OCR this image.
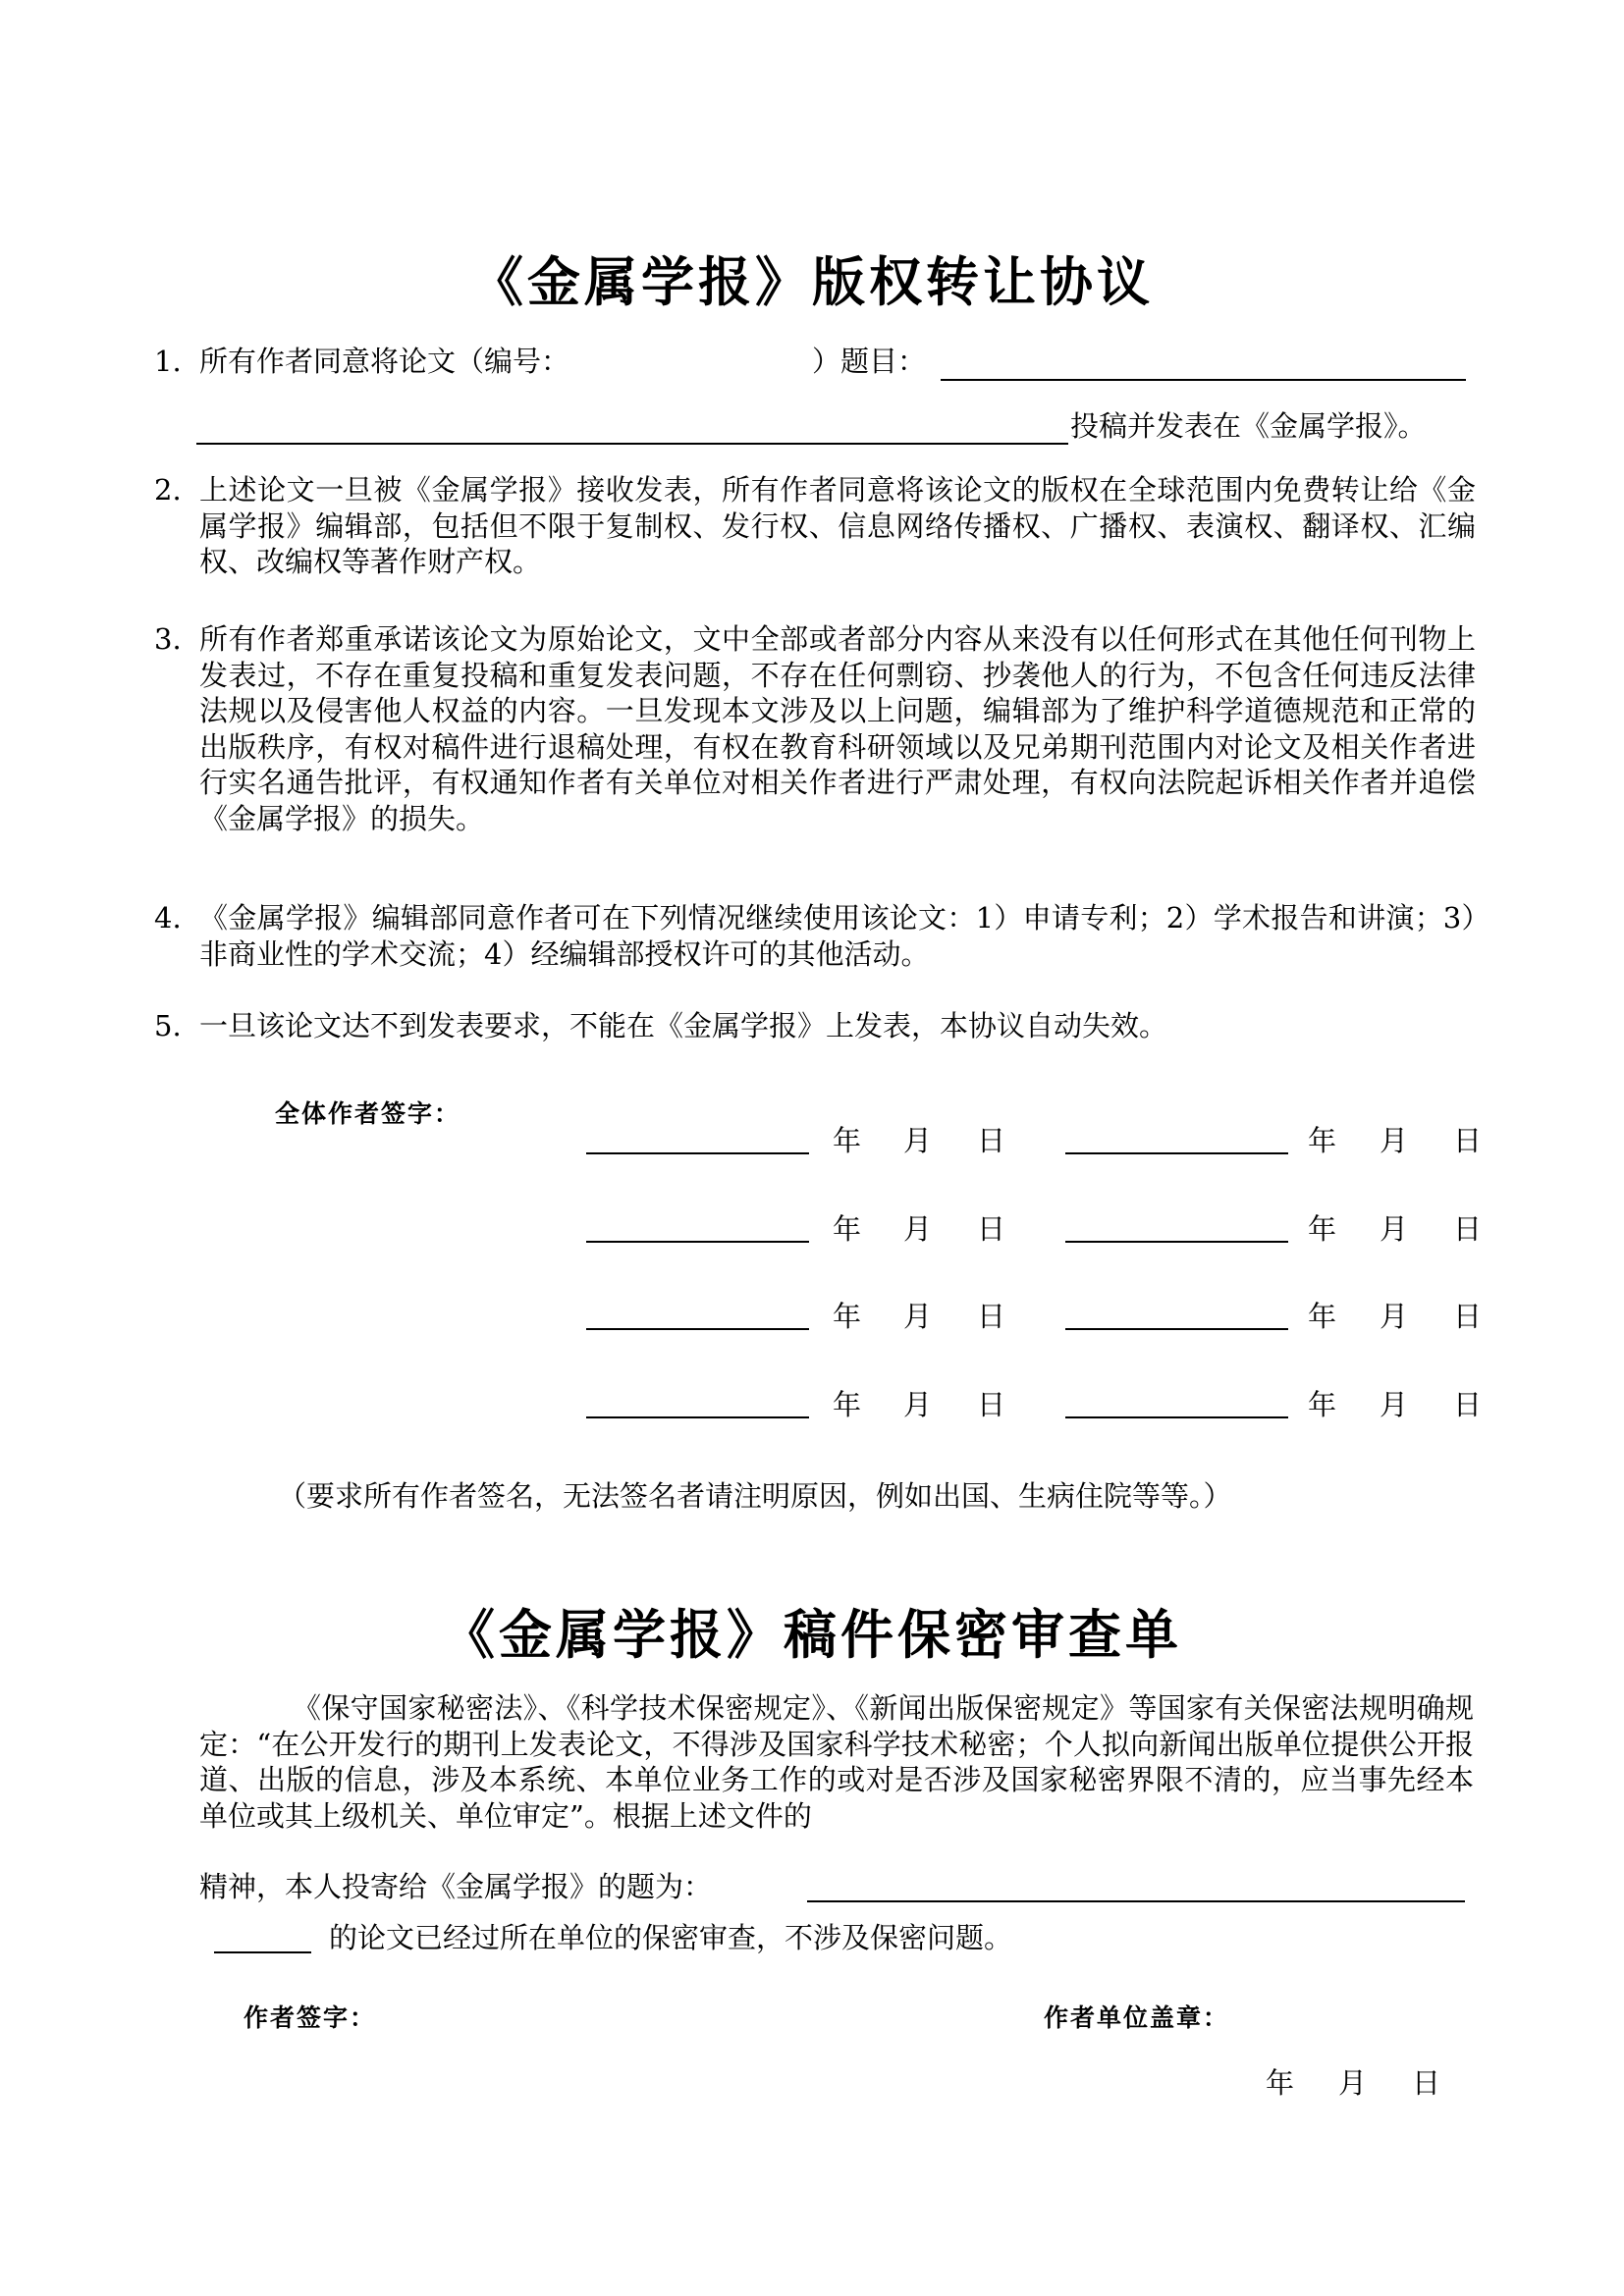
《金属学报》版权转让协议
1. 所有作者同意将论文（编号：	）题目：
投稿并发表在《金属学报》。
2. 上述论文一旦被《金属学报》接收发表，所有作者同意将该论文的版权在全球范围内免费转让给《金属学报》编辑部，包括但不限于复制权、发行权、信息网络传播权、广播权、表演权、翻译权、汇编权、改编权等著作财产权。
3. 所有作者郑重承诺该论文为原始论文，文中全部或者部分内容从来没有以任何形式在其他任何刊物上发表过，不存在重复投稿和重复发表问题，不存在任何剽窃、抄袭他人的行为，不包含任何违反法律法规以及侵害他人权益的内容。一旦发现本文涉及以上问题，编辑部为了维护科学道德规范和正常的出版秩序，有权对稿件进行退稿处理，有权在教育科研领域以及兄弟期刊范围内对论文及相关作者进行实名通告批评，有权通知作者有关单位对相关作者进行严肃处理，有权向法院起诉相关作者并追偿《金属学报》的损失。
4. 《金属学报》编辑部同意作者可在下列情况继续使用该论文：1）申请专利；2）学术报告和讲演；3）非商业性的学术交流；4）经编辑部授权许可的其他活动。
5. 一旦该论文达不到发表要求，不能在《金属学报》上发表，本协议自动失效。
全体作者签字：
年 月 日	年 月 日
年 月 日	年 月 日
年 月 日	年 月 日
年 月 日	年 月 日
（要求所有作者签名，无法签名者请注明原因，例如出国、生病住院等等。）
《金属学报》稿件保密审查单
《保守国家秘密法》、《科学技术保密规定》、《新闻出版保密规定》等国家有关保密法规明确规定：“在公开发行的期刊上发表论文，不得涉及国家科学技术秘密；个人拟向新闻出版单位提供公开报道、出版的信息，涉及本系统、本单位业务工作的或对是否涉及国家秘密界限不清的，应当事先经本单位或其上级机关、单位审定”。根据上述文件的
精神，本人投寄给《金属学报》的题为：
的论文已经过所在单位的保密审查，不涉及保密问题。
作者签字：	作者单位盖章：
年 月 日
